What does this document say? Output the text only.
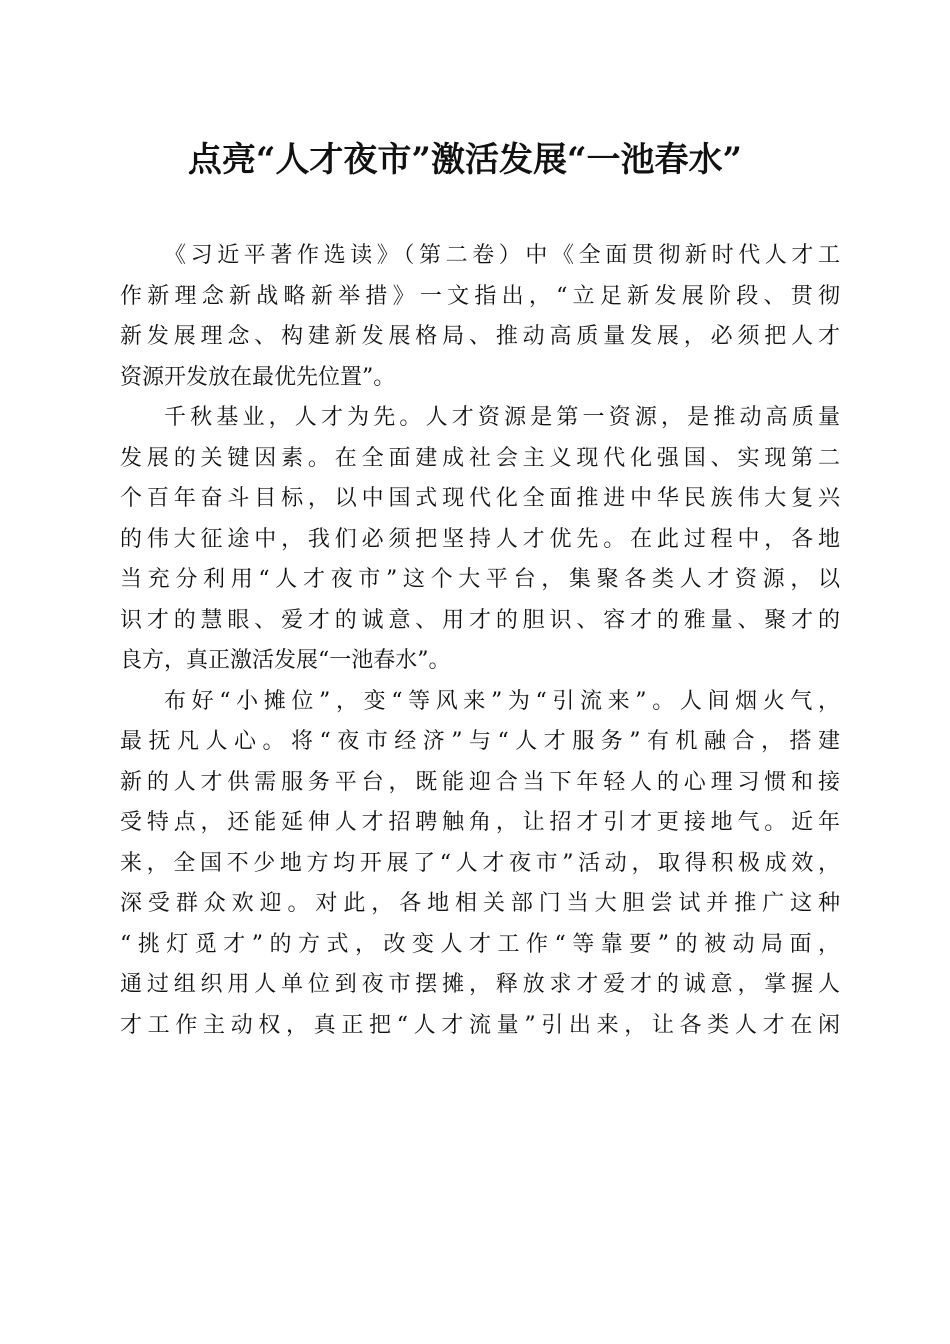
点亮“人才夜市”激活发展“一池春水”
《习近平著作选读》（第二卷）中《全面贯彻新时代人才工
作新理念新战略新举措》一文指出，“立足新发展阶段、贯彻
新发展理念、构建新发展格局、推动高质量发展，必须把人才
资源开发放在最优先位置”。
千秋基业，人才为先。人才资源是第一资源，是推动高质量
发展的关键因素。在全面建成社会主义现代化强国、实现第二
个百年奋斗目标，以中国式现代化全面推进中华民族伟大复兴
的伟大征途中，我们必须把坚持人才优先。在此过程中，各地
当充分利用“人才夜市”这个大平台，集聚各类人才资源，以
识才的慧眼、爱才的诚意、用才的胆识、容才的雅量、聚才的
良方，真正激活发展“一池春水”。
布好“小摊位”，变“等风来”为“引流来”。人间烟火气，
最抚凡人心。将“夜市经济”与“人才服务”有机融合，搭建
新的人才供需服务平台，既能迎合当下年轻人的心理习惯和接
受特点，还能延伸人才招聘触角，让招才引才更接地气。近年
来，全国不少地方均开展了“人才夜市”活动，取得积极成效，
深受群众欢迎。对此，各地相关部门当大胆尝试并推广这种
“挑灯觅才”的方式，改变人才工作“等靠要”的被动局面，
通过组织用人单位到夜市摆摊，释放求才爱才的诚意，掌握人
才工作主动权，真正把“人才流量”引出来，让各类人才在闲
